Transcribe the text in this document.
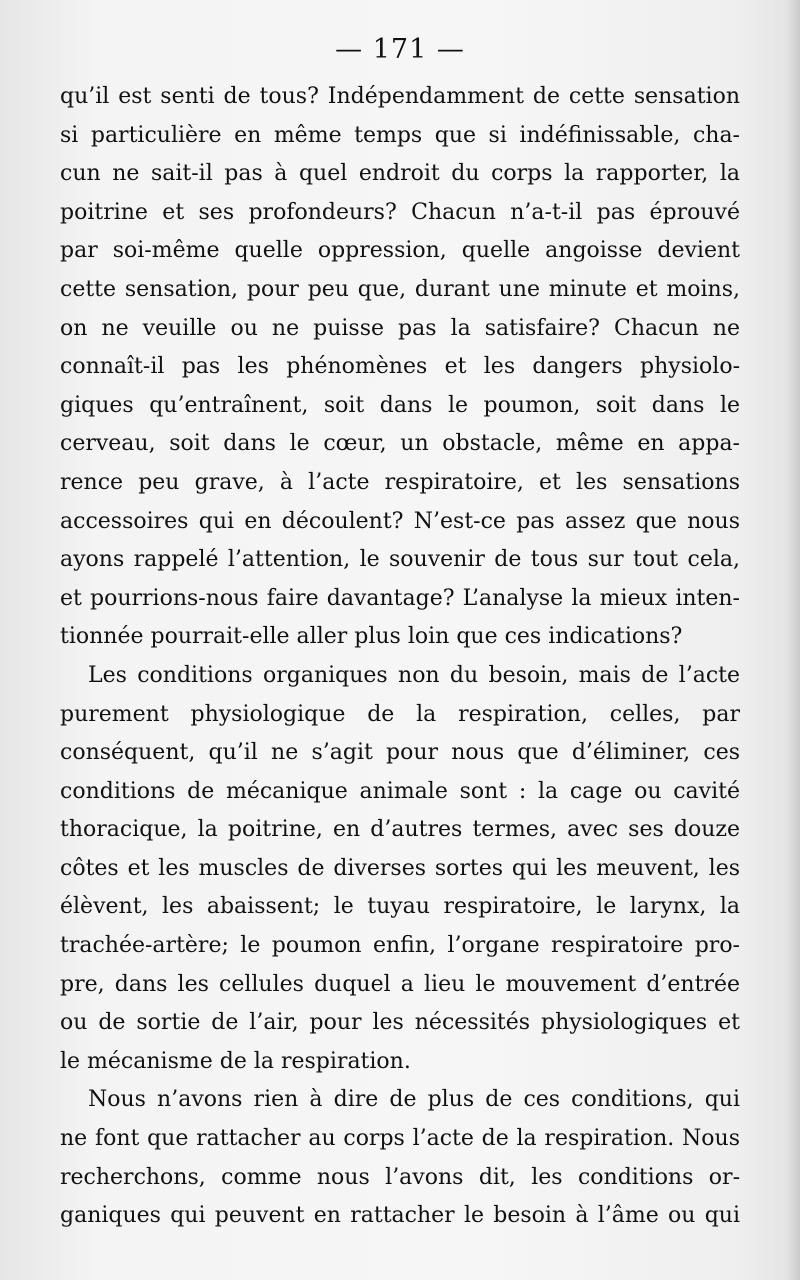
— 171 —
qu’il est senti de tous? Indépendamment de cette sensation
si particulière en même temps que si indéfinissable, cha-
cun ne sait-il pas à quel endroit du corps la rapporter, la
poitrine et ses profondeurs? Chacun n’a-t-il pas éprouvé
par soi-même quelle oppression, quelle angoisse devient
cette sensation, pour peu que, durant une minute et moins,
on ne veuille ou ne puisse pas la satisfaire? Chacun ne
connaît-il pas les phénomènes et les dangers physiolo-
giques qu’entraînent, soit dans le poumon, soit dans le
cerveau, soit dans le cœur, un obstacle, même en appa-
rence peu grave, à l’acte respiratoire, et les sensations
accessoires qui en découlent? N’est-ce pas assez que nous
ayons rappelé l’attention, le souvenir de tous sur tout cela,
et pourrions-nous faire davantage? L’analyse la mieux inten-
tionnée pourrait-elle aller plus loin que ces indications?
Les conditions organiques non du besoin, mais de l’acte
purement physiologique de la respiration, celles, par
conséquent, qu’il ne s’agit pour nous que d’éliminer, ces
conditions de mécanique animale sont : la cage ou cavité
thoracique, la poitrine, en d’autres termes, avec ses douze
côtes et les muscles de diverses sortes qui les meuvent, les
élèvent, les abaissent; le tuyau respiratoire, le larynx, la
trachée-artère; le poumon enfin, l’organe respiratoire pro-
pre, dans les cellules duquel a lieu le mouvement d’entrée
ou de sortie de l’air, pour les nécessités physiologiques et
le mécanisme de la respiration.
Nous n’avons rien à dire de plus de ces conditions, qui
ne font que rattacher au corps l’acte de la respiration. Nous
recherchons, comme nous l’avons dit, les conditions or-
ganiques qui peuvent en rattacher le besoin à l’âme ou qui
